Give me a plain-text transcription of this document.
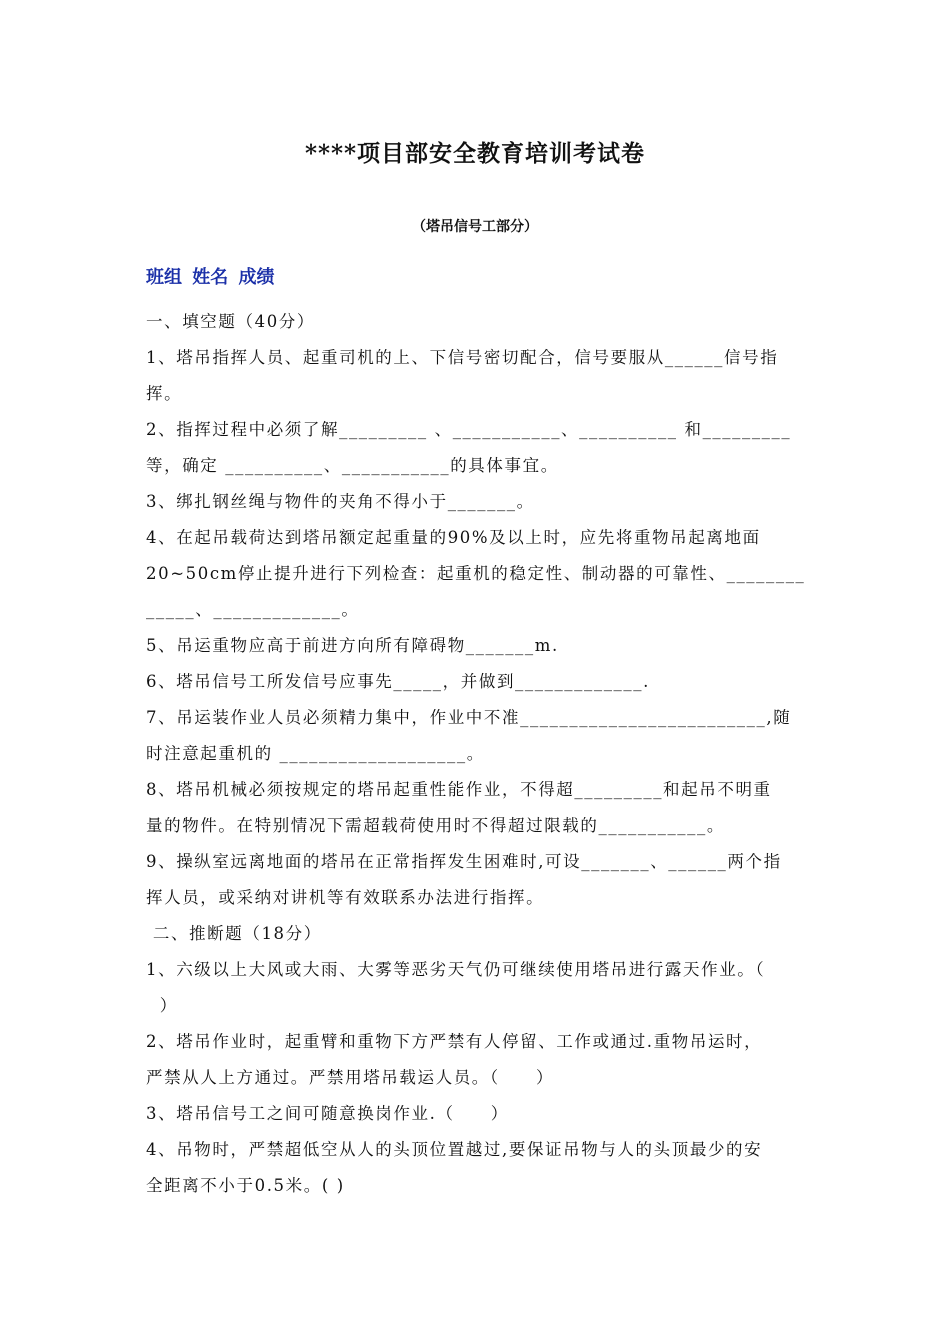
****项目部安全教育培训考试卷
（塔吊信号工部分）
班组 姓名 成绩
一、填空题（40分）
1、塔吊指挥人员、起重司机的上、下信号密切配合，信号要服从______信号指
挥。
2、指挥过程中必须了解_________ 、___________、__________ 和_________
等，确定 __________、___________的具体事宜。
3、绑扎钢丝绳与物件的夹角不得小于_______。
4、在起吊载荷达到塔吊额定起重量的90%及以上时，应先将重物吊起离地面
20~50cm停止提升进行下列检查：起重机的稳定性、制动器的可靠性、________
_____、_____________。
5、吊运重物应高于前进方向所有障碍物_______m.
6、塔吊信号工所发信号应事先_____，并做到_____________.
7、吊运装作业人员必须精力集中，作业中不准_________________________,随
时注意起重机的 ___________________。
8、塔吊机械必须按规定的塔吊起重性能作业，不得超_________和起吊不明重
量的物件。在特别情况下需超载荷使用时不得超过限载的___________。
9、操纵室远离地面的塔吊在正常指挥发生困难时,可设_______、______两个指
挥人员，或采纳对讲机等有效联系办法进行指挥。
二、推断题（18分）
1、六级以上大风或大雨、大雾等恶劣天气仍可继续使用塔吊进行露天作业。（
）
2、塔吊作业时，起重臂和重物下方严禁有人停留、工作或通过.重物吊运时，
严禁从人上方通过。严禁用塔吊载运人员。（　　）
3、塔吊信号工之间可随意换岗作业.（　　）
4、吊物时，严禁超低空从人的头顶位置越过,要保证吊物与人的头顶最少的安
全距离不小于0.5米。( )
